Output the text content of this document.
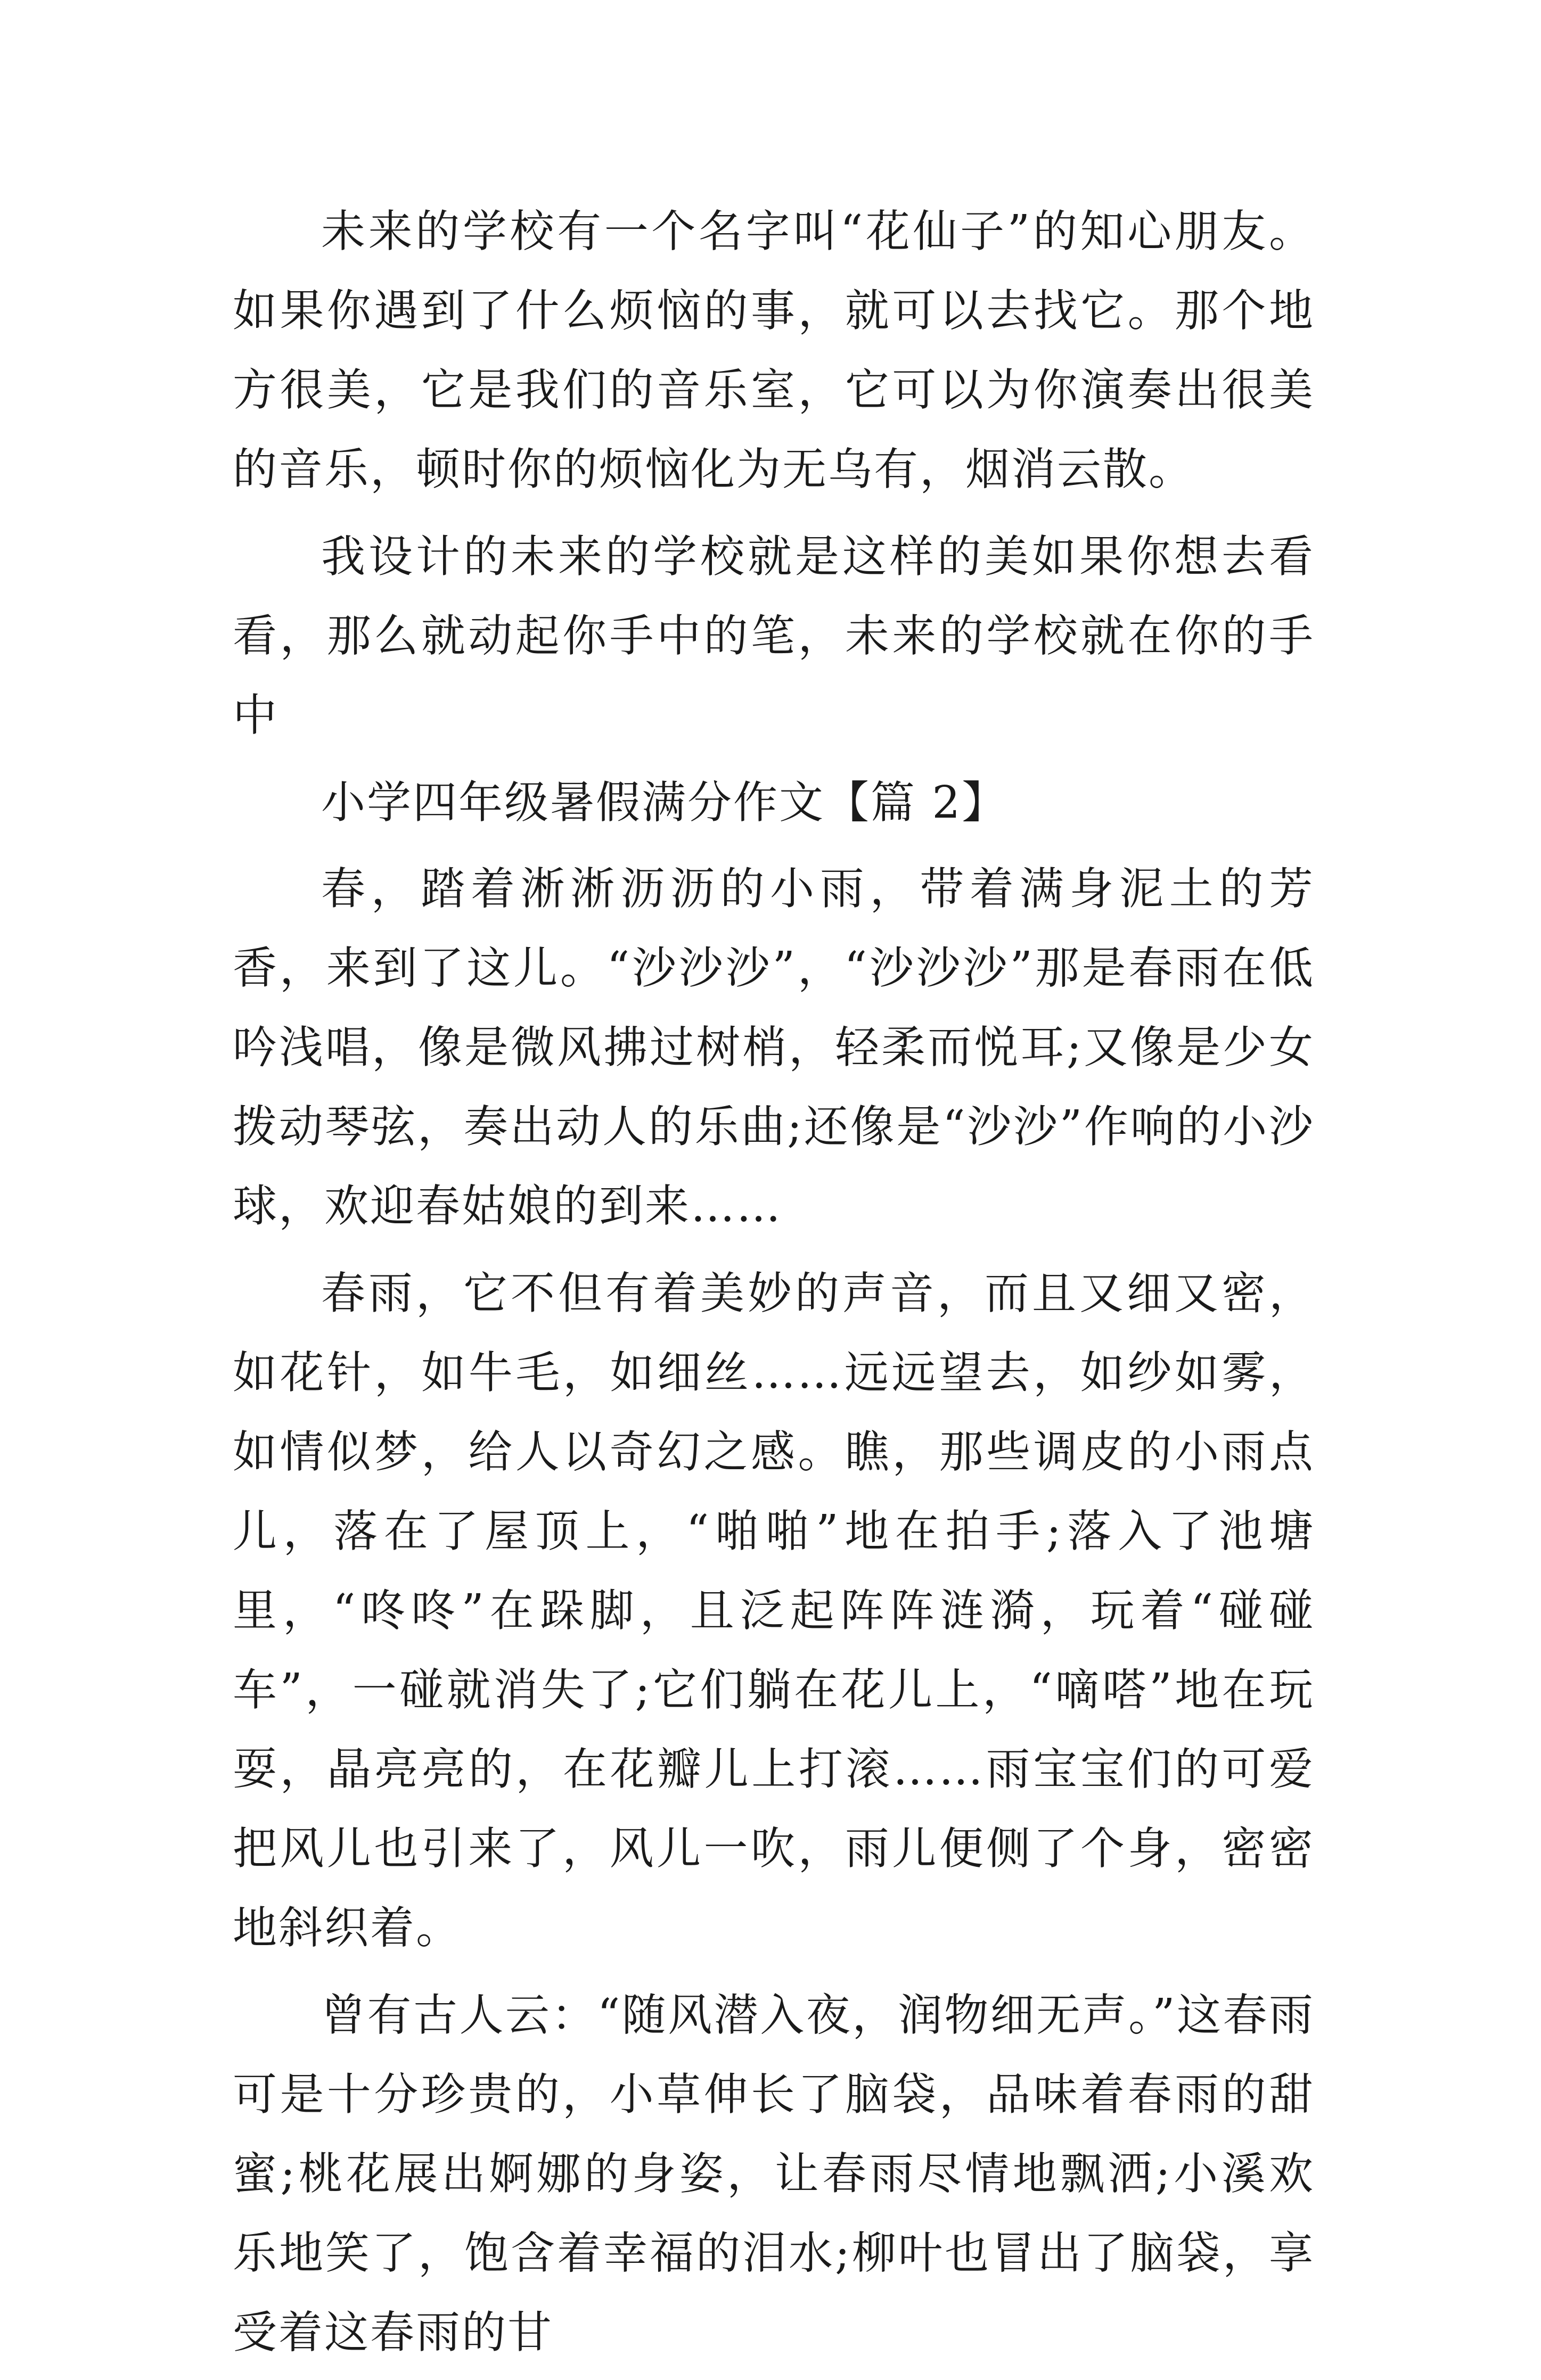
未来的学校有一个名字叫“花仙子”的知心朋友。如果你遇到了什么烦恼的事，就可以去找它。那个地方很美，它是我们的音乐室，它可以为你演奏出很美的音乐，顿时你的烦恼化为无乌有，烟消云散。

我设计的未来的学校就是这样的美如果你想去看看，那么就动起你手中的笔，未来的学校就在你的手中

小学四年级暑假满分作文【篇 2】

春，踏着淅淅沥沥的小雨，带着满身泥土的芳香，来到了这儿。“沙沙沙”，“沙沙沙”那是春雨在低吟浅唱，像是微风拂过树梢，轻柔而悦耳;又像是少女拨动琴弦，奏出动人的乐曲;还像是“沙沙”作响的小沙球，欢迎春姑娘的到来……

春雨，它不但有着美妙的声音，而且又细又密，如花针，如牛毛，如细丝……远远望去，如纱如雾，如情似梦，给人以奇幻之感。瞧，那些调皮的小雨点儿，落在了屋顶上，“啪啪”地在拍手;落入了池塘里，“咚咚”在跺脚，且泛起阵阵涟漪，玩着“碰碰车”，一碰就消失了;它们躺在花儿上，“嘀嗒”地在玩耍，晶亮亮的，在花瓣儿上打滚……雨宝宝们的可爱把风儿也引来了，风儿一吹，雨儿便侧了个身，密密地斜织着。

曾有古人云：“随风潜入夜，润物细无声。”这春雨可是十分珍贵的，小草伸长了脑袋，品味着春雨的甜蜜;桃花展出婀娜的身姿，让春雨尽情地飘洒;小溪欢乐地笑了，饱含着幸福的泪水;柳叶也冒出了脑袋，享受着这春雨的甘
